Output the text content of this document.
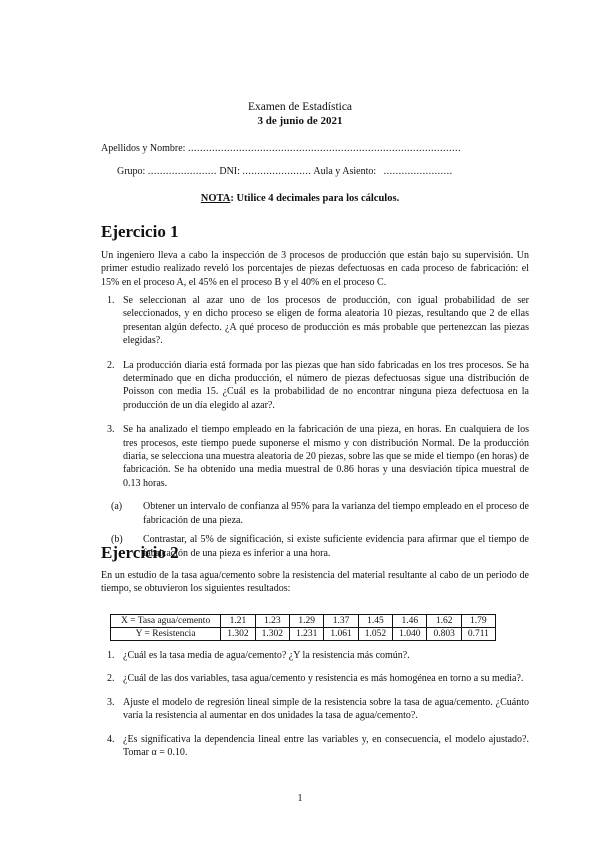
Examen de Estadística
3 de junio de 2021
Apellidos y Nombre: ...........................................................................................
Grupo: ....................... DNI: ....................... Aula y Asiento: .......................
NOTA: Utilice 4 decimales para los cálculos.
Ejercicio 1
Un ingeniero lleva a cabo la inspección de 3 procesos de producción que están bajo su supervisión. Un primer estudio realizado reveló los porcentajes de piezas defectuosas en cada proceso de fabricación: el 15% en el proceso A, el 45% en el proceso B y el 40% en el proceso C.
1. Se seleccionan al azar uno de los procesos de producción, con igual probabilidad de ser seleccionados, y en dicho proceso se eligen de forma aleatoria 10 piezas, resultando que 2 de ellas presentan algún defecto. ¿A qué proceso de producción es más probable que pertenezcan las piezas elegidas?.
2. La producción diaria está formada por las piezas que han sido fabricadas en los tres procesos. Se ha determinado que en dicha producción, el número de piezas defectuosas sigue una distribución de Poisson con media 15. ¿Cuál es la probabilidad de no encontrar ninguna pieza defectuosa en la producción de un día elegido al azar?.
3. Se ha analizado el tiempo empleado en la fabricación de una pieza, en horas. En cualquiera de los tres procesos, este tiempo puede suponerse el mismo y con distribución Normal. De la producción diaria, se selecciona una muestra aleatoria de 20 piezas, sobre las que se mide el tiempo (en horas) de fabricación. Se ha obtenido una media muestral de 0.86 horas y una desviación típica muestral de 0.13 horas.
(a) Obtener un intervalo de confianza al 95% para la varianza del tiempo empleado en el proceso de fabricación de una pieza.
(b) Contrastar, al 5% de significación, si existe suficiente evidencia para afirmar que el tiempo de fabricación de una pieza es inferior a una hora.
Ejercicio 2
En un estudio de la tasa agua/cemento sobre la resistencia del material resultante al cabo de un periodo de tiempo, se obtuvieron los siguientes resultados:
X = Tasa agua/cemento	1.21	1.23	1.29	1.37	1.45	1.46	1.62	1.79
Y = Resistencia	1.302	1.302	1.231	1.061	1.052	1.040	0.803	0.711
1. ¿Cuál es la tasa media de agua/cemento? ¿Y la resistencia más común?.
2. ¿Cuál de las dos variables, tasa agua/cemento y resistencia es más homogénea en torno a su media?.
3. Ajuste el modelo de regresión lineal simple de la resistencia sobre la tasa de agua/cemento. ¿Cuánto varía la resistencia al aumentar en dos unidades la tasa de agua/cemento?.
4. ¿Es significativa la dependencia lineal entre las variables y, en consecuencia, el modelo ajustado?. Tomar α = 0.10.
1
